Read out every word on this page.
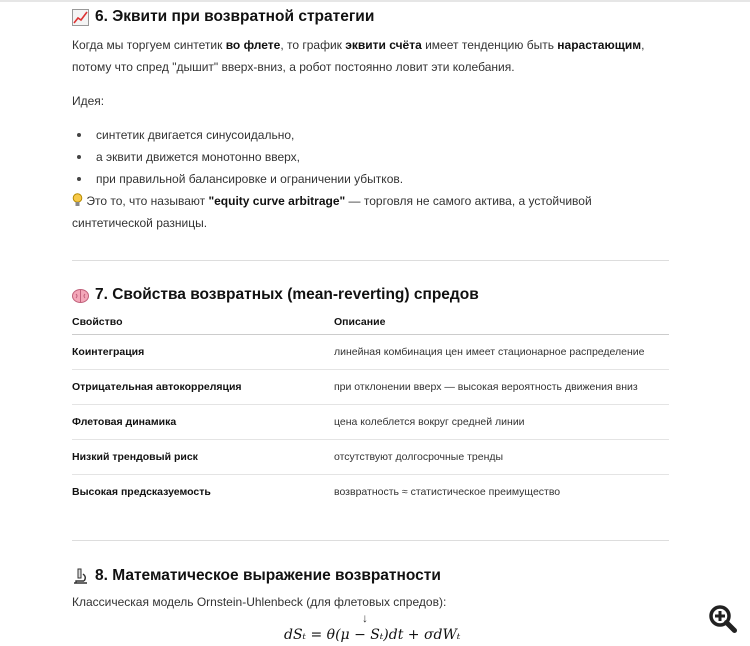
6. Эквити при возвратной стратегии

Когда мы торгуем синтетик во флете, то график эквити счёта имеет тенденцию быть нарастающим,
потому что спред "дышит" вверх-вниз, а робот постоянно ловит эти колебания.

Идея:

синтетик двигается синусоидально,
а эквити движется монотонно вверх,
при правильной балансировке и ограничении убытков.

Это то, что называют "equity curve arbitrage" — торговля не самого актива, а устойчивой
синтетической разницы.

7. Свойства возвратных (mean-reverting) спредов
Свойство	Описание
Коинтеграция	линейная комбинация цен имеет стационарное распределение
Отрицательная автокорреляция	при отклонении вверх — высокая вероятность движения вниз
Флетовая динамика	цена колеблется вокруг средней линии
Низкий трендовый риск	отсутствуют долгосрочные тренды
Высокая предсказуемость	возвратность ≈ статистическое преимущество
8. Математическое выражение возвратности

Классическая модель Ornstein-Uhlenbeck (для флетовых спредов):

↓
dSₜ = θ(μ − Sₜ)dt + σdWₜ
